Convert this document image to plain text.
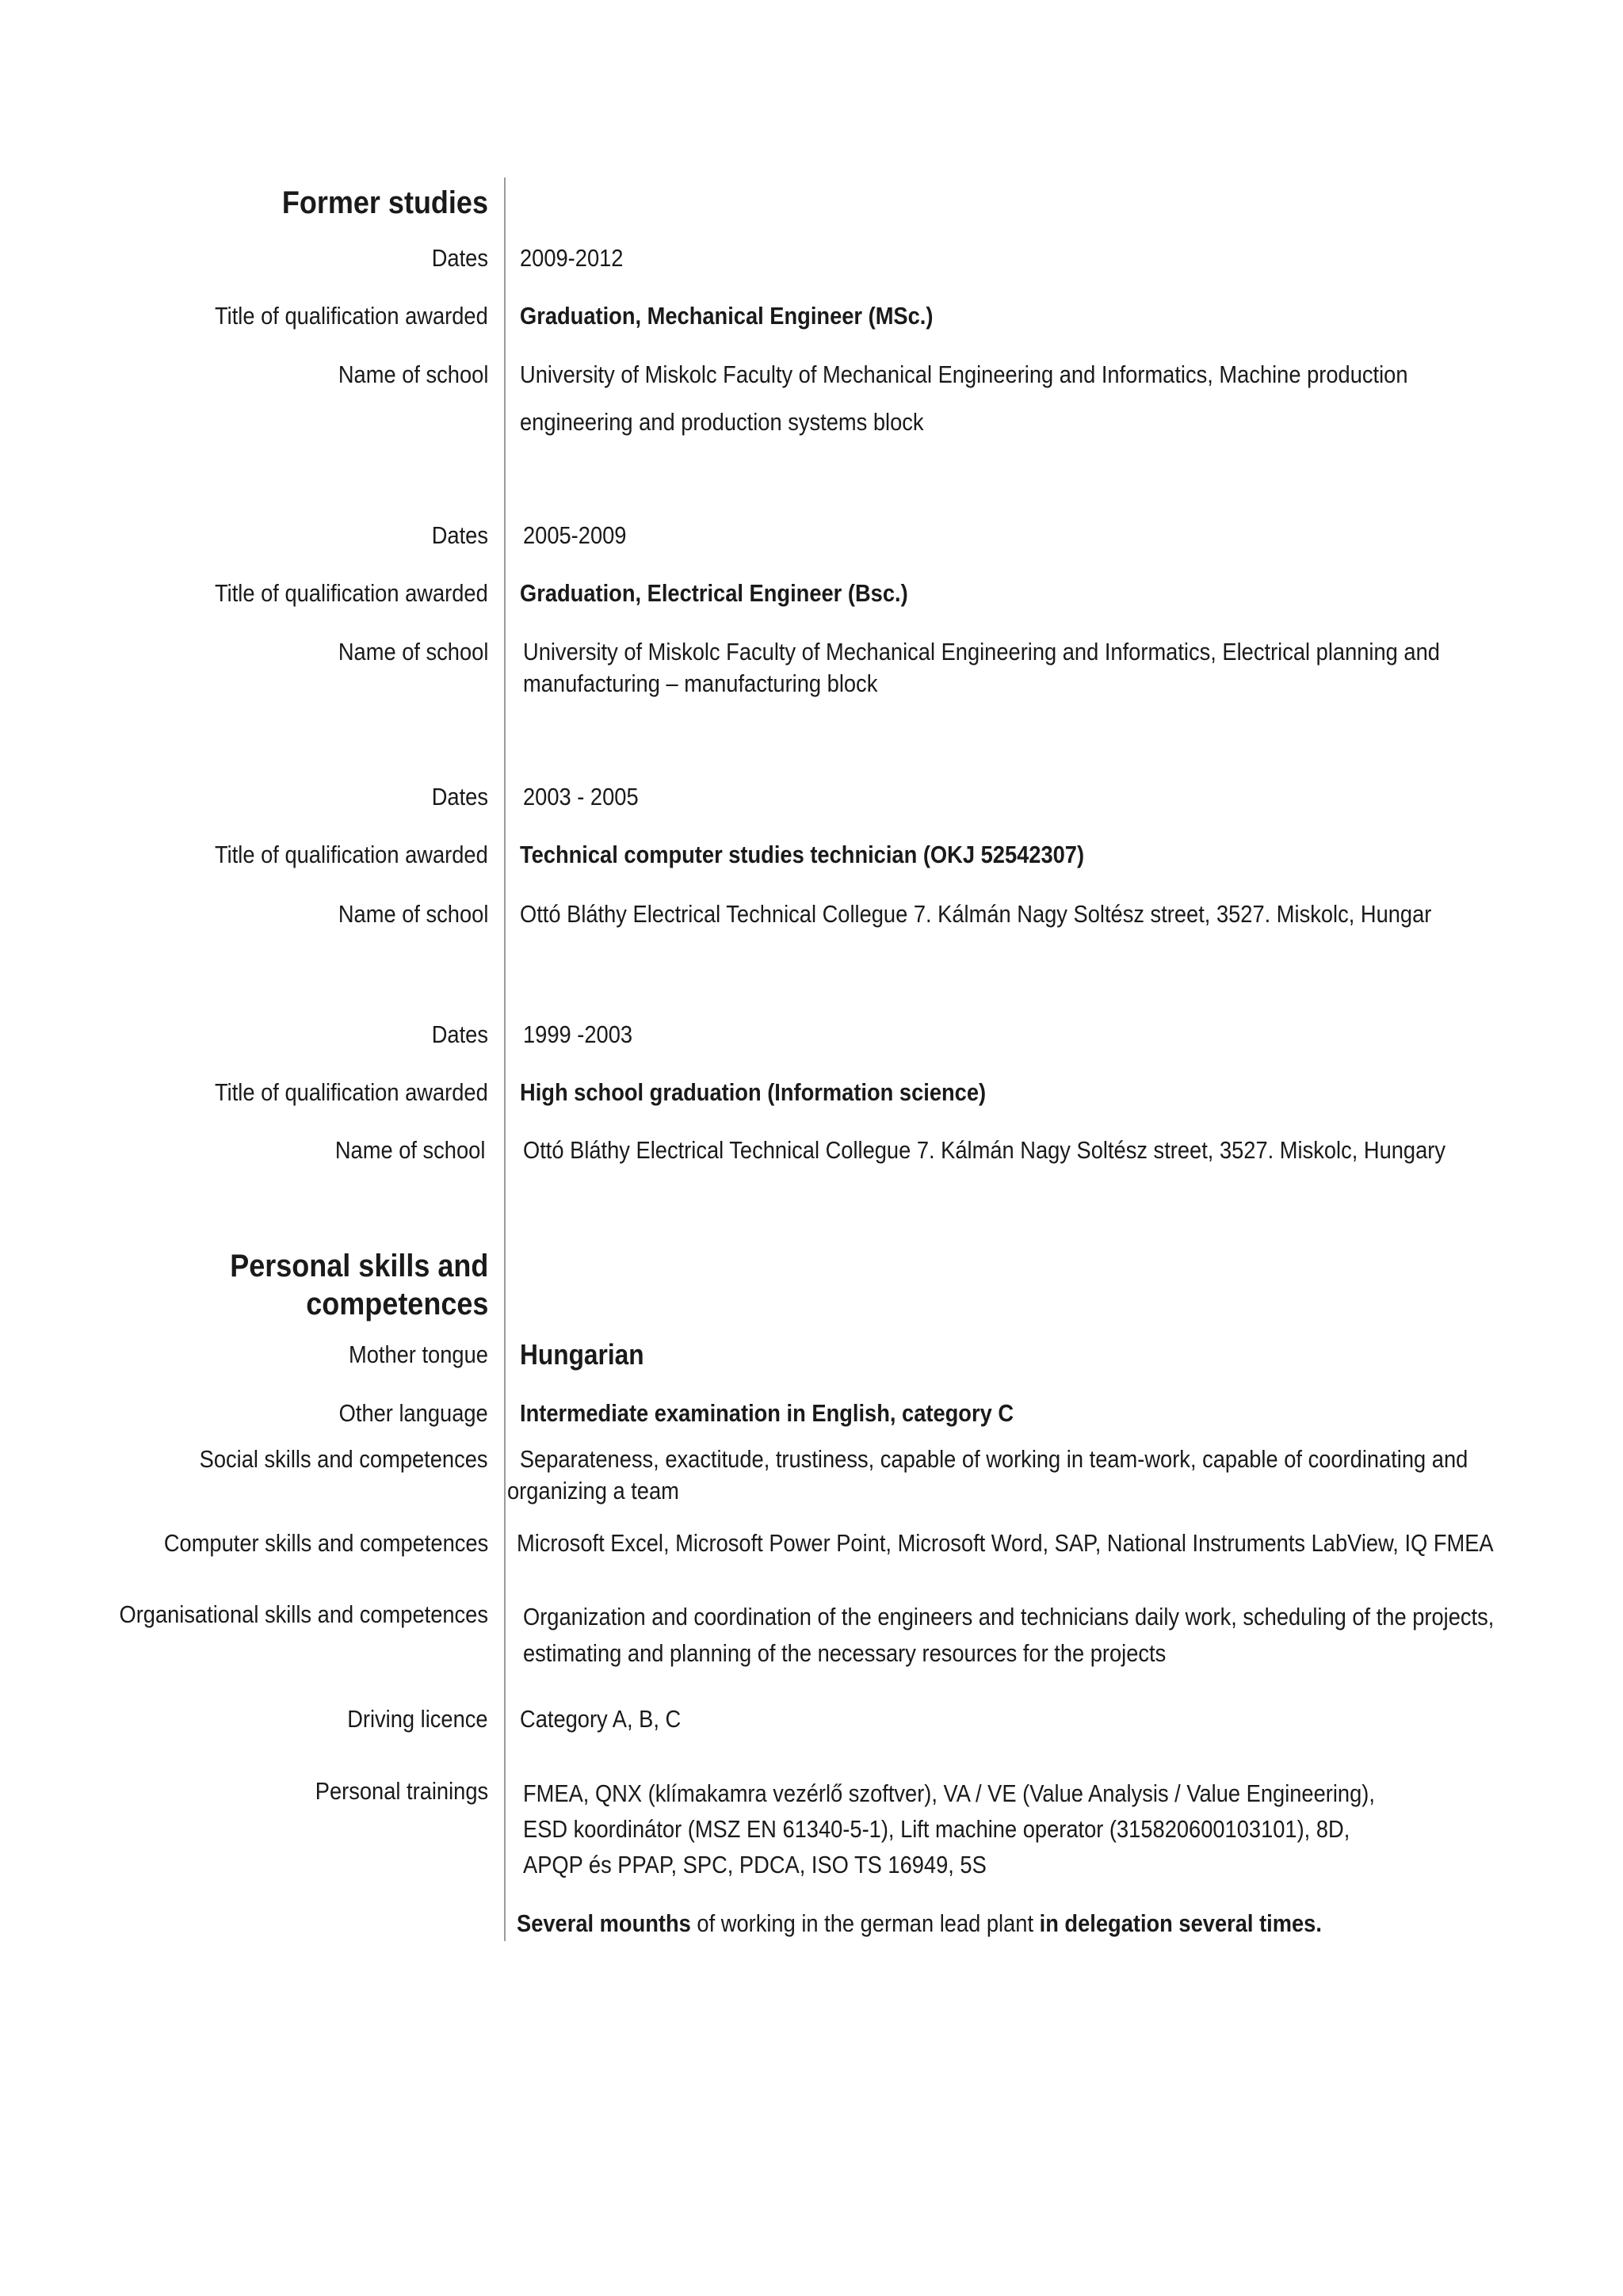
Former studies
Dates 2009-2012
Title of qualification awarded Graduation, Mechanical Engineer (MSc.)
Name of school University of Miskolc Faculty of Mechanical Engineering and Informatics, Machine production
engineering and production systems block
Dates 2005-2009
Title of qualification awarded Graduation, Electrical Engineer (Bsc.)
Name of school University of Miskolc Faculty of Mechanical Engineering and Informatics, Electrical planning and
manufacturing – manufacturing block
Dates 2003 - 2005
Title of qualification awarded Technical computer studies technician (OKJ 52542307)
Name of school Ottó Bláthy Electrical Technical Collegue 7. Kálmán Nagy Soltész street, 3527. Miskolc, Hungar
Dates 1999 -2003
Title of qualification awarded High school graduation (Information science)
Name of school Ottó Bláthy Electrical Technical Collegue 7. Kálmán Nagy Soltész street, 3527. Miskolc, Hungary
Personal skills and
competences
Mother tongue Hungarian
Other language Intermediate examination in English, category C
Social skills and competences	Separateness, exactitude, trustiness, capable of working in team-work, capable of coordinating and
organizing a team
Computer skills and competences Microsoft Excel, Microsoft Power Point, Microsoft Word, SAP, National Instruments LabView, IQ FMEA
Organisational skills and competences Organization and coordination of the engineers and technicians daily work, scheduling of the projects,
estimating and planning of the necessary resources for the projects
Driving licence Category A, B, C
Personal trainings FMEA, QNX (klímakamra vezérlő szoftver), VA / VE (Value Analysis / Value Engineering),
ESD koordinátor (MSZ EN 61340-5-1), Lift machine operator (315820600103101), 8D,
APQP és PPAP, SPC, PDCA, ISO TS 16949, 5S
Several mounths of working in the german lead plant in delegation several times.
